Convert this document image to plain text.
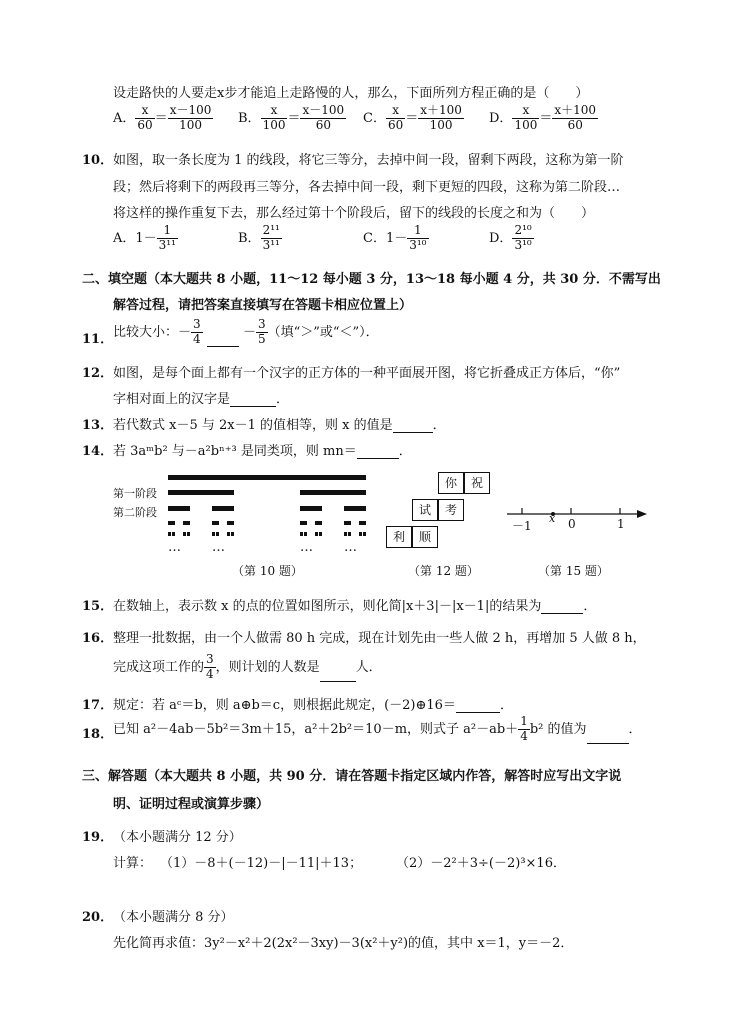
设走路快的人要走x步才能追上走路慢的人，那么，下面所列方程正确的是（　　）
A． $\frac{x}{60} = \frac{x-100}{100}$ B． $\frac{x}{100} = \frac{x-100}{60}$ C． $\frac{x}{60} = \frac{x+100}{100}$ D． $\frac{x}{100} = \frac{x+100}{60}$
10． 如图，取一条长度为 1 的线段，将它三等分，去掉中间一段，留剩下两段，这称为第一阶
段；然后将剩下的两段再三等分，各去掉中间一段，剩下更短的四段，这称为第二阶段…
将这样的操作重复下去，那么经过第十个阶段后，留下的线段的长度之和为（　　）
A．$1- \frac{1}{\text{3¹¹}}$	B． $\frac{\text{2¹¹}}{\text{3¹¹}}$	C．$1- \frac{1}{\text{3¹⁰}}$	D． $\frac{\text{2¹⁰}}{\text{3¹⁰}}$
二、填空题（本大题共 8 小题，11～12 每小题 3 分，13～18 每小题 4 分，共 30 分．不需写出
解答过程，请把答案直接填写在答题卡相应位置上）
11． 比较大小：－ $\frac{3}{4}$	－ $\frac{3}{5}$ （填“＞”或“＜”）．
12． 如图，是每个面上都有一个汉字的正方体的一种平面展开图，将它折叠成正方体后，“你”
字相对面上的汉字是	．
13． 若代数式 x－5 与 2x－1 的值相等，则 x 的值是	．
14． 若 3aᵐb² 与－a²bⁿ⁺³ 是同类项，则 mn＝	．
第一阶段
第二阶段
… …	… …
（第 10 题）
你	祝
试	考
利	顺
（第 12 题）
－1
x 0	1
（第 15 题）
15． 在数轴上，表示数 x 的点的位置如图所示，则化简|x＋3|－|x－1|的结果为	．
16． 整理一批数据，由一个人做需 80 h 完成，现在计划先由一些人做 2 h，再增加 5 人做 8 h，
完成这项工作的 $\frac{3}{4}$ ，则计划的人数是	人．
17． 规定：若 aᶜ＝b，则 a⊕b＝c，则根据此规定，(－2)⊕16＝	．
18． 已知 a²－4ab－5b²＝3m＋15，a²＋2b²＝10－m，则式子 $a^2-ab+ \frac{1}{4} b^2$ 的值为	．
三、解答题（本大题共 8 小题，共 90 分．请在答题卡指定区域内作答，解答时应写出文字说
明、证明过程或演算步骤）
19． （本小题满分 12 分）
计算： （1）－8＋(－12)－|－11|＋13；	（2）－2²＋3÷(－2)³×16．
20． （本小题满分 8 分）
先化简再求值：3y²－x²＋2(2x²－3xy)－3(x²＋y²)的值，其中 x＝1，y＝－2．
